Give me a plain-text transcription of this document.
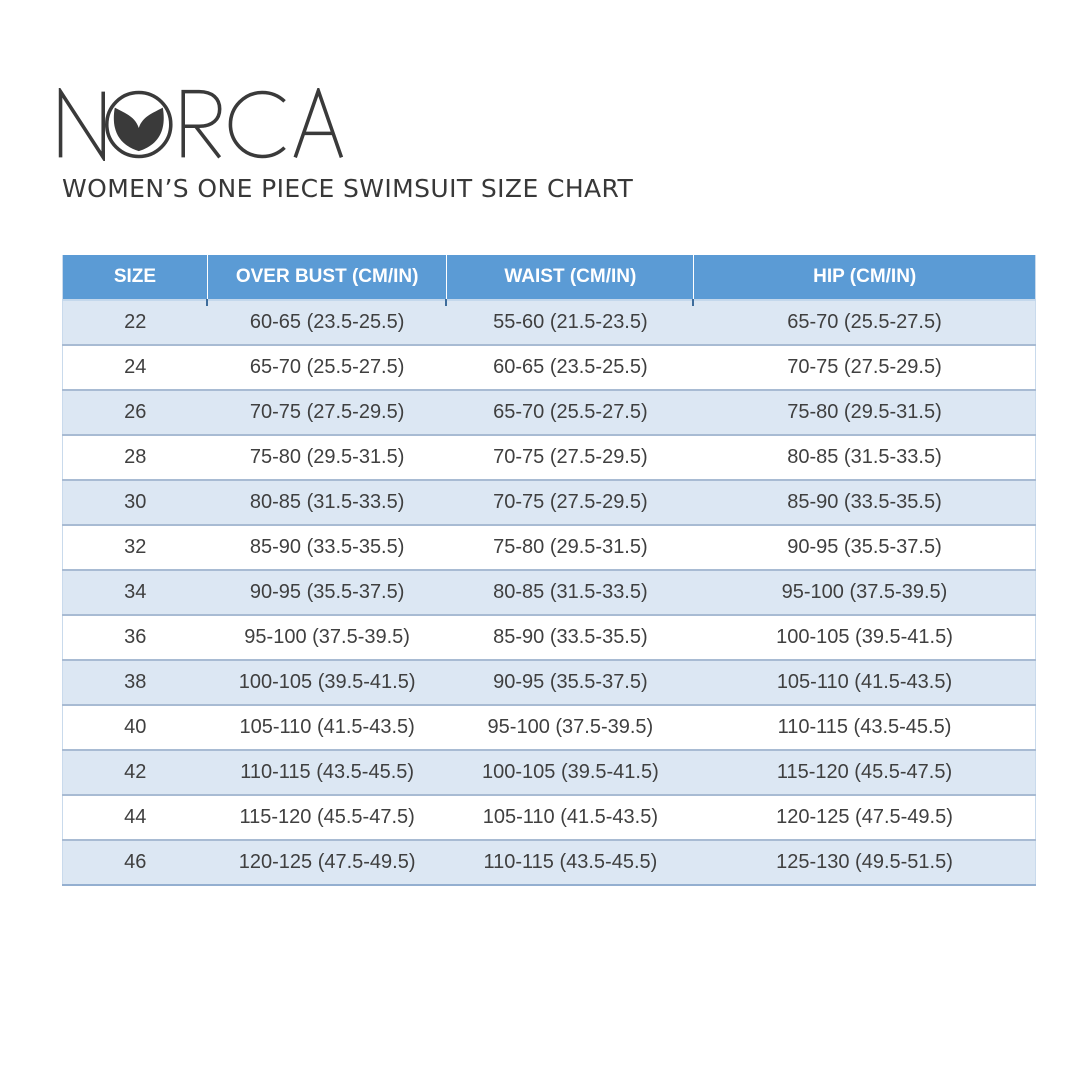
WOMEN’S ONE PIECE SWIMSUIT SIZE CHART
SIZE	OVER BUST (CM/IN)	WAIST (CM/IN)	HIP (CM/IN)
22	60-65 (23.5-25.5)	55-60 (21.5-23.5)	65-70 (25.5-27.5)
24	65-70 (25.5-27.5)	60-65 (23.5-25.5)	70-75 (27.5-29.5)
26	70-75 (27.5-29.5)	65-70 (25.5-27.5)	75-80 (29.5-31.5)
28	75-80 (29.5-31.5)	70-75 (27.5-29.5)	80-85 (31.5-33.5)
30	80-85 (31.5-33.5)	70-75 (27.5-29.5)	85-90 (33.5-35.5)
32	85-90 (33.5-35.5)	75-80 (29.5-31.5)	90-95 (35.5-37.5)
34	90-95 (35.5-37.5)	80-85 (31.5-33.5)	95-100 (37.5-39.5)
36	95-100 (37.5-39.5)	85-90 (33.5-35.5)	100-105 (39.5-41.5)
38	100-105 (39.5-41.5)	90-95 (35.5-37.5)	105-110 (41.5-43.5)
40	105-110 (41.5-43.5)	95-100 (37.5-39.5)	110-115 (43.5-45.5)
42	110-115 (43.5-45.5)	100-105 (39.5-41.5)	115-120 (45.5-47.5)
44	115-120 (45.5-47.5)	105-110 (41.5-43.5)	120-125 (47.5-49.5)
46	120-125 (47.5-49.5)	110-115 (43.5-45.5)	125-130 (49.5-51.5)
